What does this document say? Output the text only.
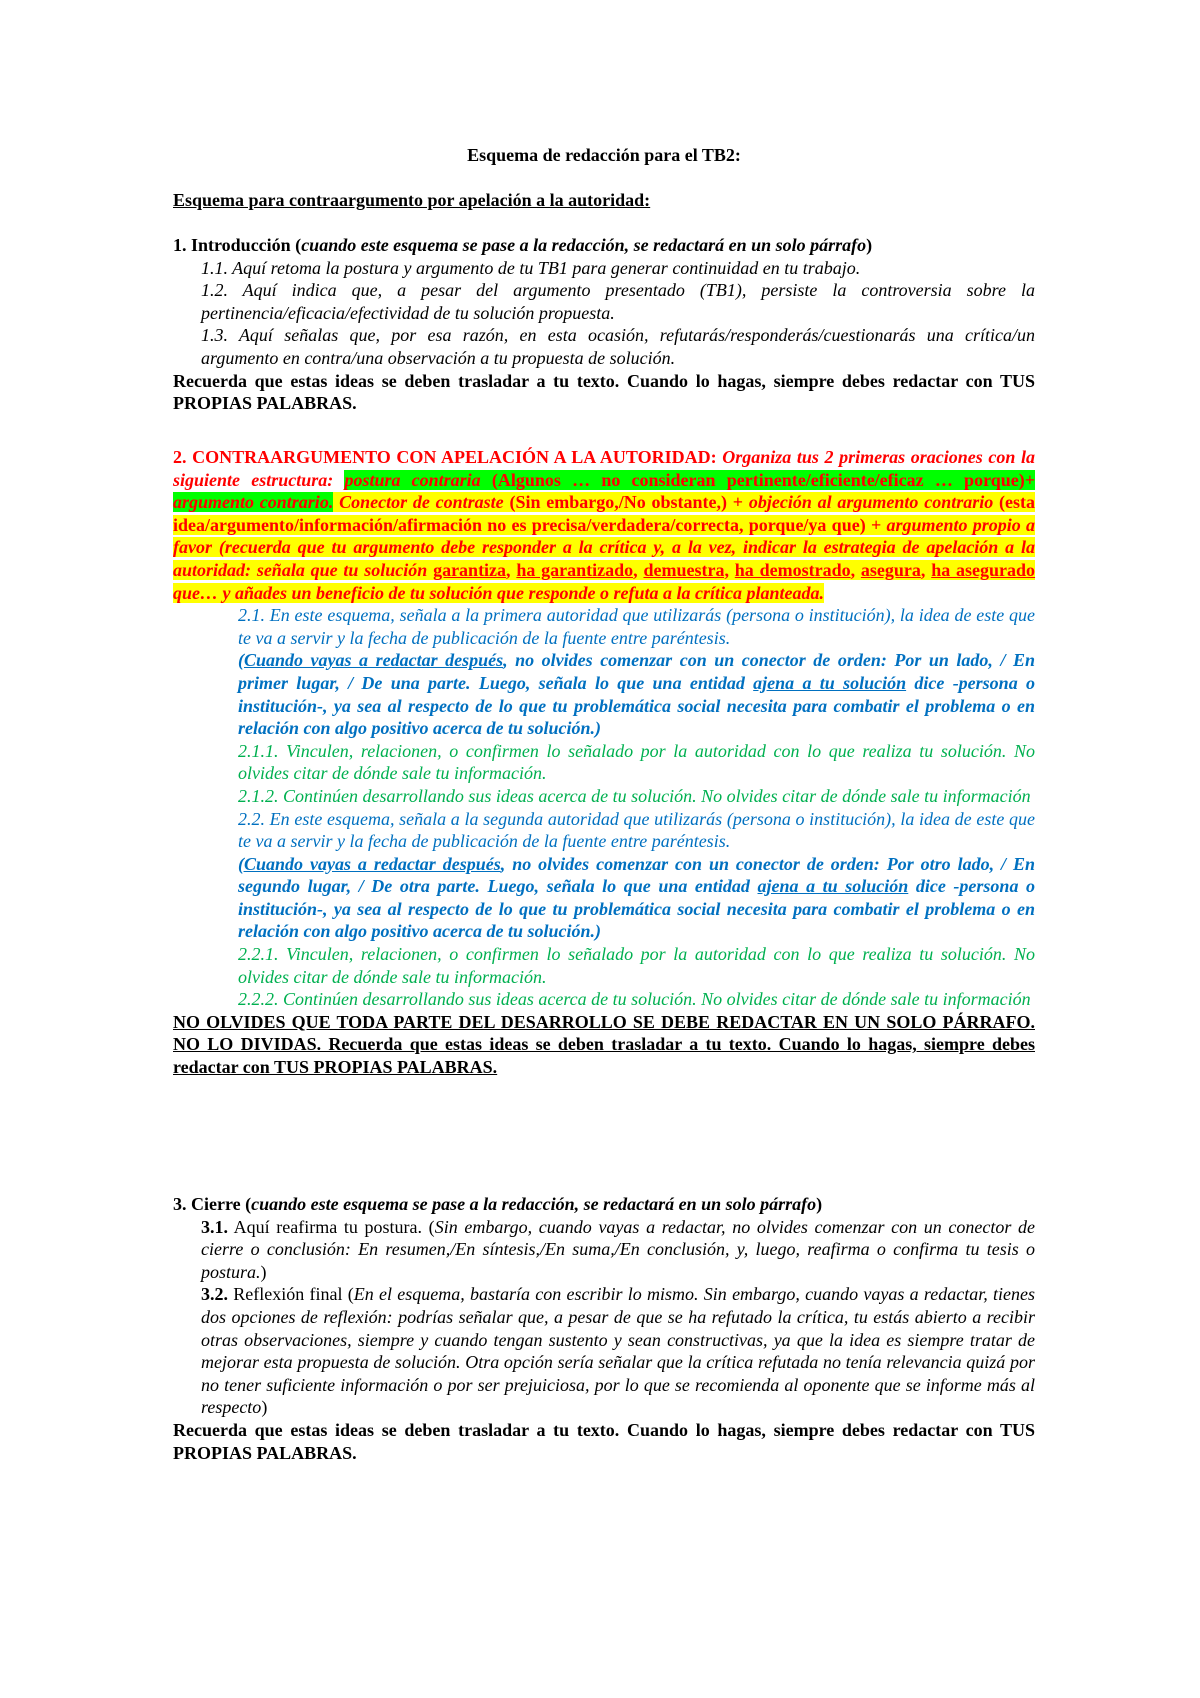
Esquema de redacción para el TB2:

Esquema para contraargumento por apelación a la autoridad:

1. Introducción (cuando este esquema se pase a la redacción, se redactará en un solo párrafo)

1.1. Aquí retoma la postura y argumento de tu TB1 para generar continuidad en tu trabajo.

1.2. Aquí indica que, a pesar del argumento presentado (TB1), persiste la controversia sobre la pertinencia/eficacia/efectividad de tu solución propuesta.

1.3. Aquí señalas que, por esa razón, en esta ocasión, refutarás/responderás/cuestionarás una crítica/un argumento en contra/una observación a tu propuesta de solución.

Recuerda que estas ideas se deben trasladar a tu texto. Cuando lo hagas, siempre debes redactar con TUS PROPIAS PALABRAS.

2. CONTRAARGUMENTO CON APELACIÓN A LA AUTORIDAD: Organiza tus 2 primeras oraciones con la siguiente estructura: postura contraria (Algunos … no consideran pertinente/eficiente/eficaz … porque)+ argumento contrario. Conector de contraste (Sin embargo,/No obstante,) + objeción al argumento contrario (esta idea/argumento/información/afirmación no es precisa/verdadera/correcta, porque/ya que) + argumento propio a favor (recuerda que tu argumento debe responder a la crítica y, a la vez, indicar la estrategia de apelación a la autoridad: señala que tu solución garantiza, ha garantizado, demuestra, ha demostrado, asegura, ha asegurado que… y añades un beneficio de tu solución que responde o refuta a la crítica planteada.

2.1. En este esquema, señala a la primera autoridad que utilizarás (persona o institución), la idea de este que te va a servir y la fecha de publicación de la fuente entre paréntesis.

(Cuando vayas a redactar después, no olvides comenzar con un conector de orden: Por un lado, / En primer lugar, / De una parte. Luego, señala lo que una entidad ajena a tu solución dice -persona o institución-, ya sea al respecto de lo que tu problemática social necesita para combatir el problema o en relación con algo positivo acerca de tu solución.)

2.1.1. Vinculen, relacionen, o confirmen lo señalado por la autoridad con lo que realiza tu solución. No olvides citar de dónde sale tu información.

2.1.2. Continúen desarrollando sus ideas acerca de tu solución. No olvides citar de dónde sale tu información

2.2. En este esquema, señala a la segunda autoridad que utilizarás (persona o institución), la idea de este que te va a servir y la fecha de publicación de la fuente entre paréntesis.

(Cuando vayas a redactar después, no olvides comenzar con un conector de orden: Por otro lado, / En segundo lugar, / De otra parte. Luego, señala lo que una entidad ajena a tu solución dice -persona o institución-, ya sea al respecto de lo que tu problemática social necesita para combatir el problema o en relación con algo positivo acerca de tu solución.)

2.2.1. Vinculen, relacionen, o confirmen lo señalado por la autoridad con lo que realiza tu solución. No olvides citar de dónde sale tu información.

2.2.2. Continúen desarrollando sus ideas acerca de tu solución. No olvides citar de dónde sale tu información

NO OLVIDES QUE TODA PARTE DEL DESARROLLO SE DEBE REDACTAR EN UN SOLO PÁRRAFO. NO LO DIVIDAS. Recuerda que estas ideas se deben trasladar a tu texto. Cuando lo hagas, siempre debes redactar con TUS PROPIAS PALABRAS.

3. Cierre (cuando este esquema se pase a la redacción, se redactará en un solo párrafo)

3.1. Aquí reafirma tu postura. (Sin embargo, cuando vayas a redactar, no olvides comenzar con un conector de cierre o conclusión: En resumen,/En síntesis,/En suma,/En conclusión, y, luego, reafirma o confirma tu tesis o postura.)

3.2. Reflexión final (En el esquema, bastaría con escribir lo mismo. Sin embargo, cuando vayas a redactar, tienes dos opciones de reflexión: podrías señalar que, a pesar de que se ha refutado la crítica, tu estás abierto a recibir otras observaciones, siempre y cuando tengan sustento y sean constructivas, ya que la idea es siempre tratar de mejorar esta propuesta de solución. Otra opción sería señalar que la crítica refutada no tenía relevancia quizá por no tener suficiente información o por ser prejuiciosa, por lo que se recomienda al oponente que se informe más al respecto)

Recuerda que estas ideas se deben trasladar a tu texto. Cuando lo hagas, siempre debes redactar con TUS PROPIAS PALABRAS.
